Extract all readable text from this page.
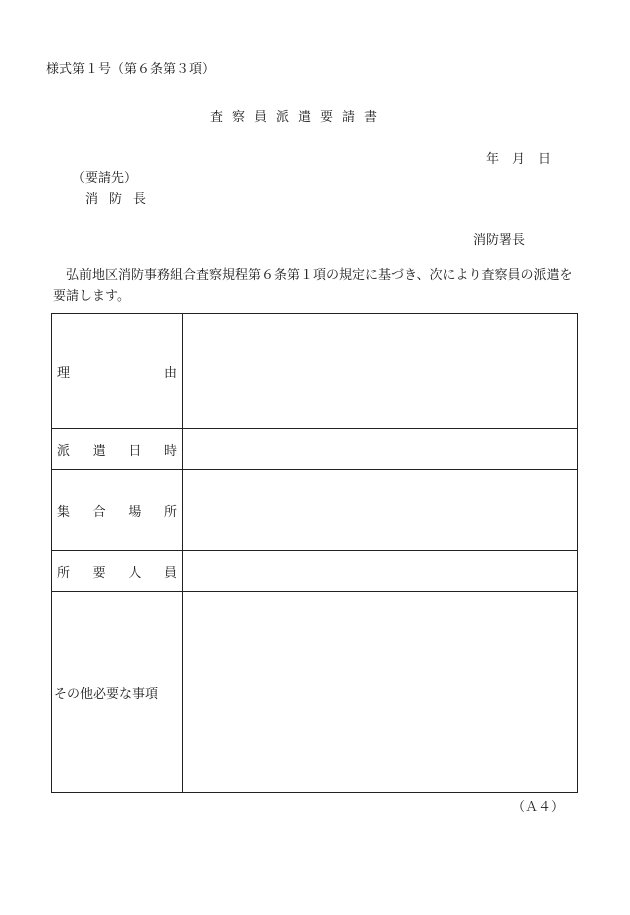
様式第１号（第６条第３項）
査察員派遣要請書
年　月　日
（要請先）
消防長
消防署長
弘前地区消防事務組合査察規程第６条第１項の規定に基づき、次により査察員の派遣を要請します。
理　　由	
派遣日時	
集合場所	
所要人員	
その他必要な事項	
（Ａ４）
